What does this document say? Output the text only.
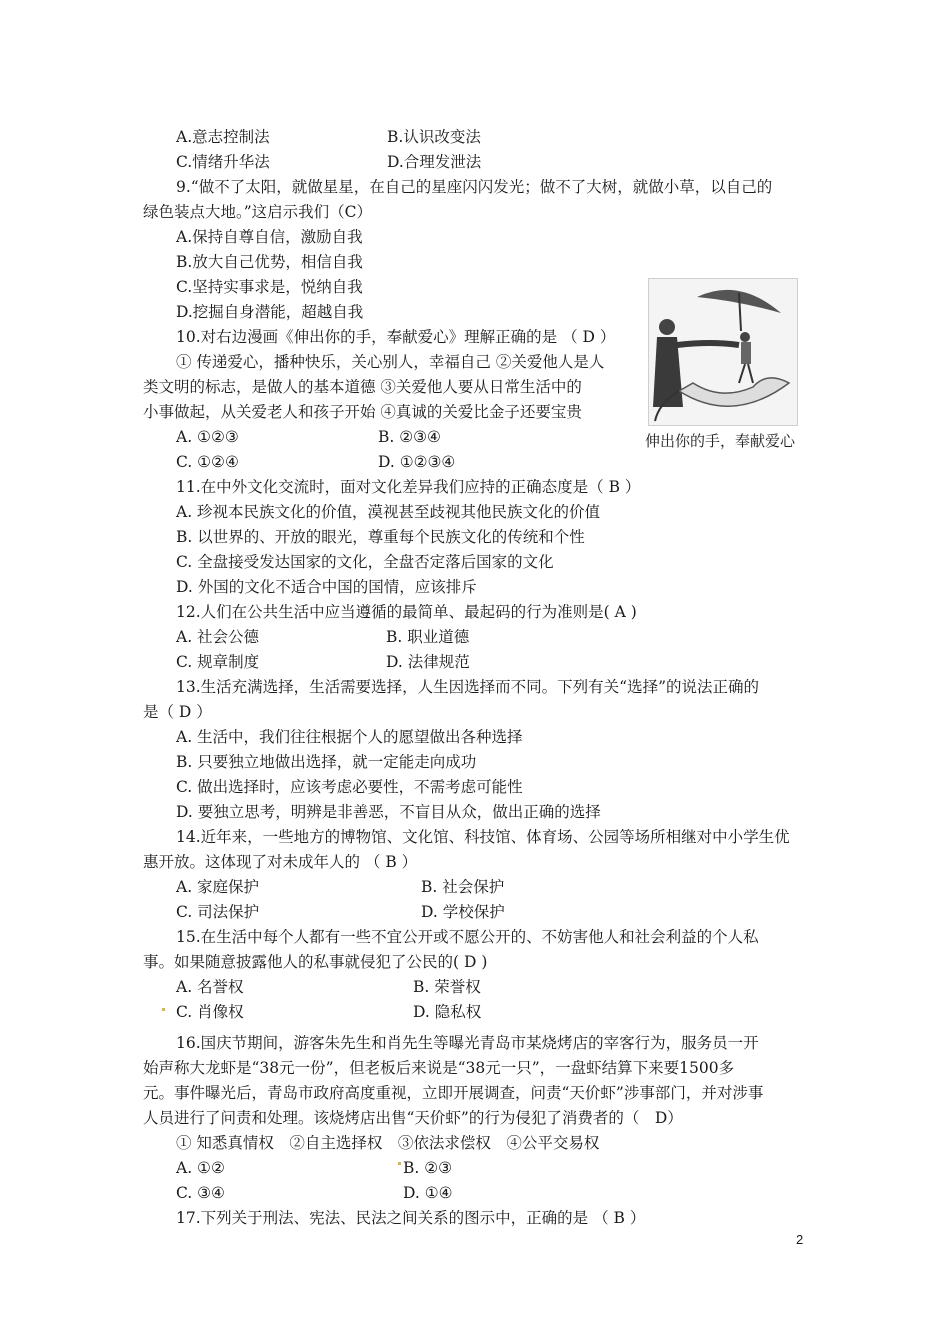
A.意志控制法	B.认识改变法
C.情绪升华法	D.合理发泄法
9.“做不了太阳，就做星星，在自己的星座闪闪发光；做不了大树，就做小草，以自己的
绿色装点大地。”这启示我们（C）
A.保持自尊自信，激励自我
B.放大自己优势，相信自我
C.坚持实事求是，悦纳自我
D.挖掘自身潜能，超越自我
10.对右边漫画《伸出你的手，奉献爱心》理解正确的是 （ D ）
① 传递爱心，播种快乐，关心别人，幸福自己 ②关爱他人是人
类文明的标志，是做人的基本道德 ③关爱他人要从日常生活中的
小事做起，从关爱老人和孩子开始 ④真诚的关爱比金子还要宝贵
A. ①②③	B. ②③④
C. ①②④	D. ①②③④
伸出你的手，奉献爱心
11.在中外文化交流时，面对文化差异我们应持的正确态度是（ B ）
A. 珍视本民族文化的价值，漠视甚至歧视其他民族文化的价值
B. 以世界的、开放的眼光，尊重每个民族文化的传统和个性
C. 全盘接受发达国家的文化，全盘否定落后国家的文化
D. 外国的文化不适合中国的国情，应该排斥
12.人们在公共生活中应当遵循的最简单、最起码的行为准则是( A )
A. 社会公德	B. 职业道德
C. 规章制度	D. 法律规范
13.生活充满选择，生活需要选择，人生因选择而不同。下列有关“选择”的说法正确的
是（ D ）
A. 生活中，我们往往根据个人的愿望做出各种选择
B. 只要独立地做出选择，就一定能走向成功
C. 做出选择时，应该考虑必要性，不需考虑可能性
D. 要独立思考，明辨是非善恶，不盲目从众，做出正确的选择
14.近年来，一些地方的博物馆、文化馆、科技馆、体育场、公园等场所相继对中小学生优
惠开放。这体现了对未成年人的 （ B ）
A. 家庭保护	B. 社会保护
C. 司法保护	D. 学校保护
15.在生活中每个人都有一些不宜公开或不愿公开的、不妨害他人和社会利益的个人私
事。如果随意披露他人的私事就侵犯了公民的( D )
A. 名誉权	B. 荣誉权
C. 肖像权	D. 隐私权
16.国庆节期间，游客朱先生和肖先生等曝光青岛市某烧烤店的宰客行为，服务员一开
始声称大龙虾是“38元一份”，但老板后来说是“38元一只”，一盘虾结算下来要1500多
元。事件曝光后，青岛市政府高度重视，立即开展调查，问责“天价虾”涉事部门，并对涉事
人员进行了问责和处理。该烧烤店出售“天价虾”的行为侵犯了消费者的（　D）
① 知悉真情权　②自主选择权　③依法求偿权　④公平交易权
A. ①②	B. ②③
C. ③④	D. ①④
17.下列关于刑法、宪法、民法之间关系的图示中，正确的是 （ B ）
2
